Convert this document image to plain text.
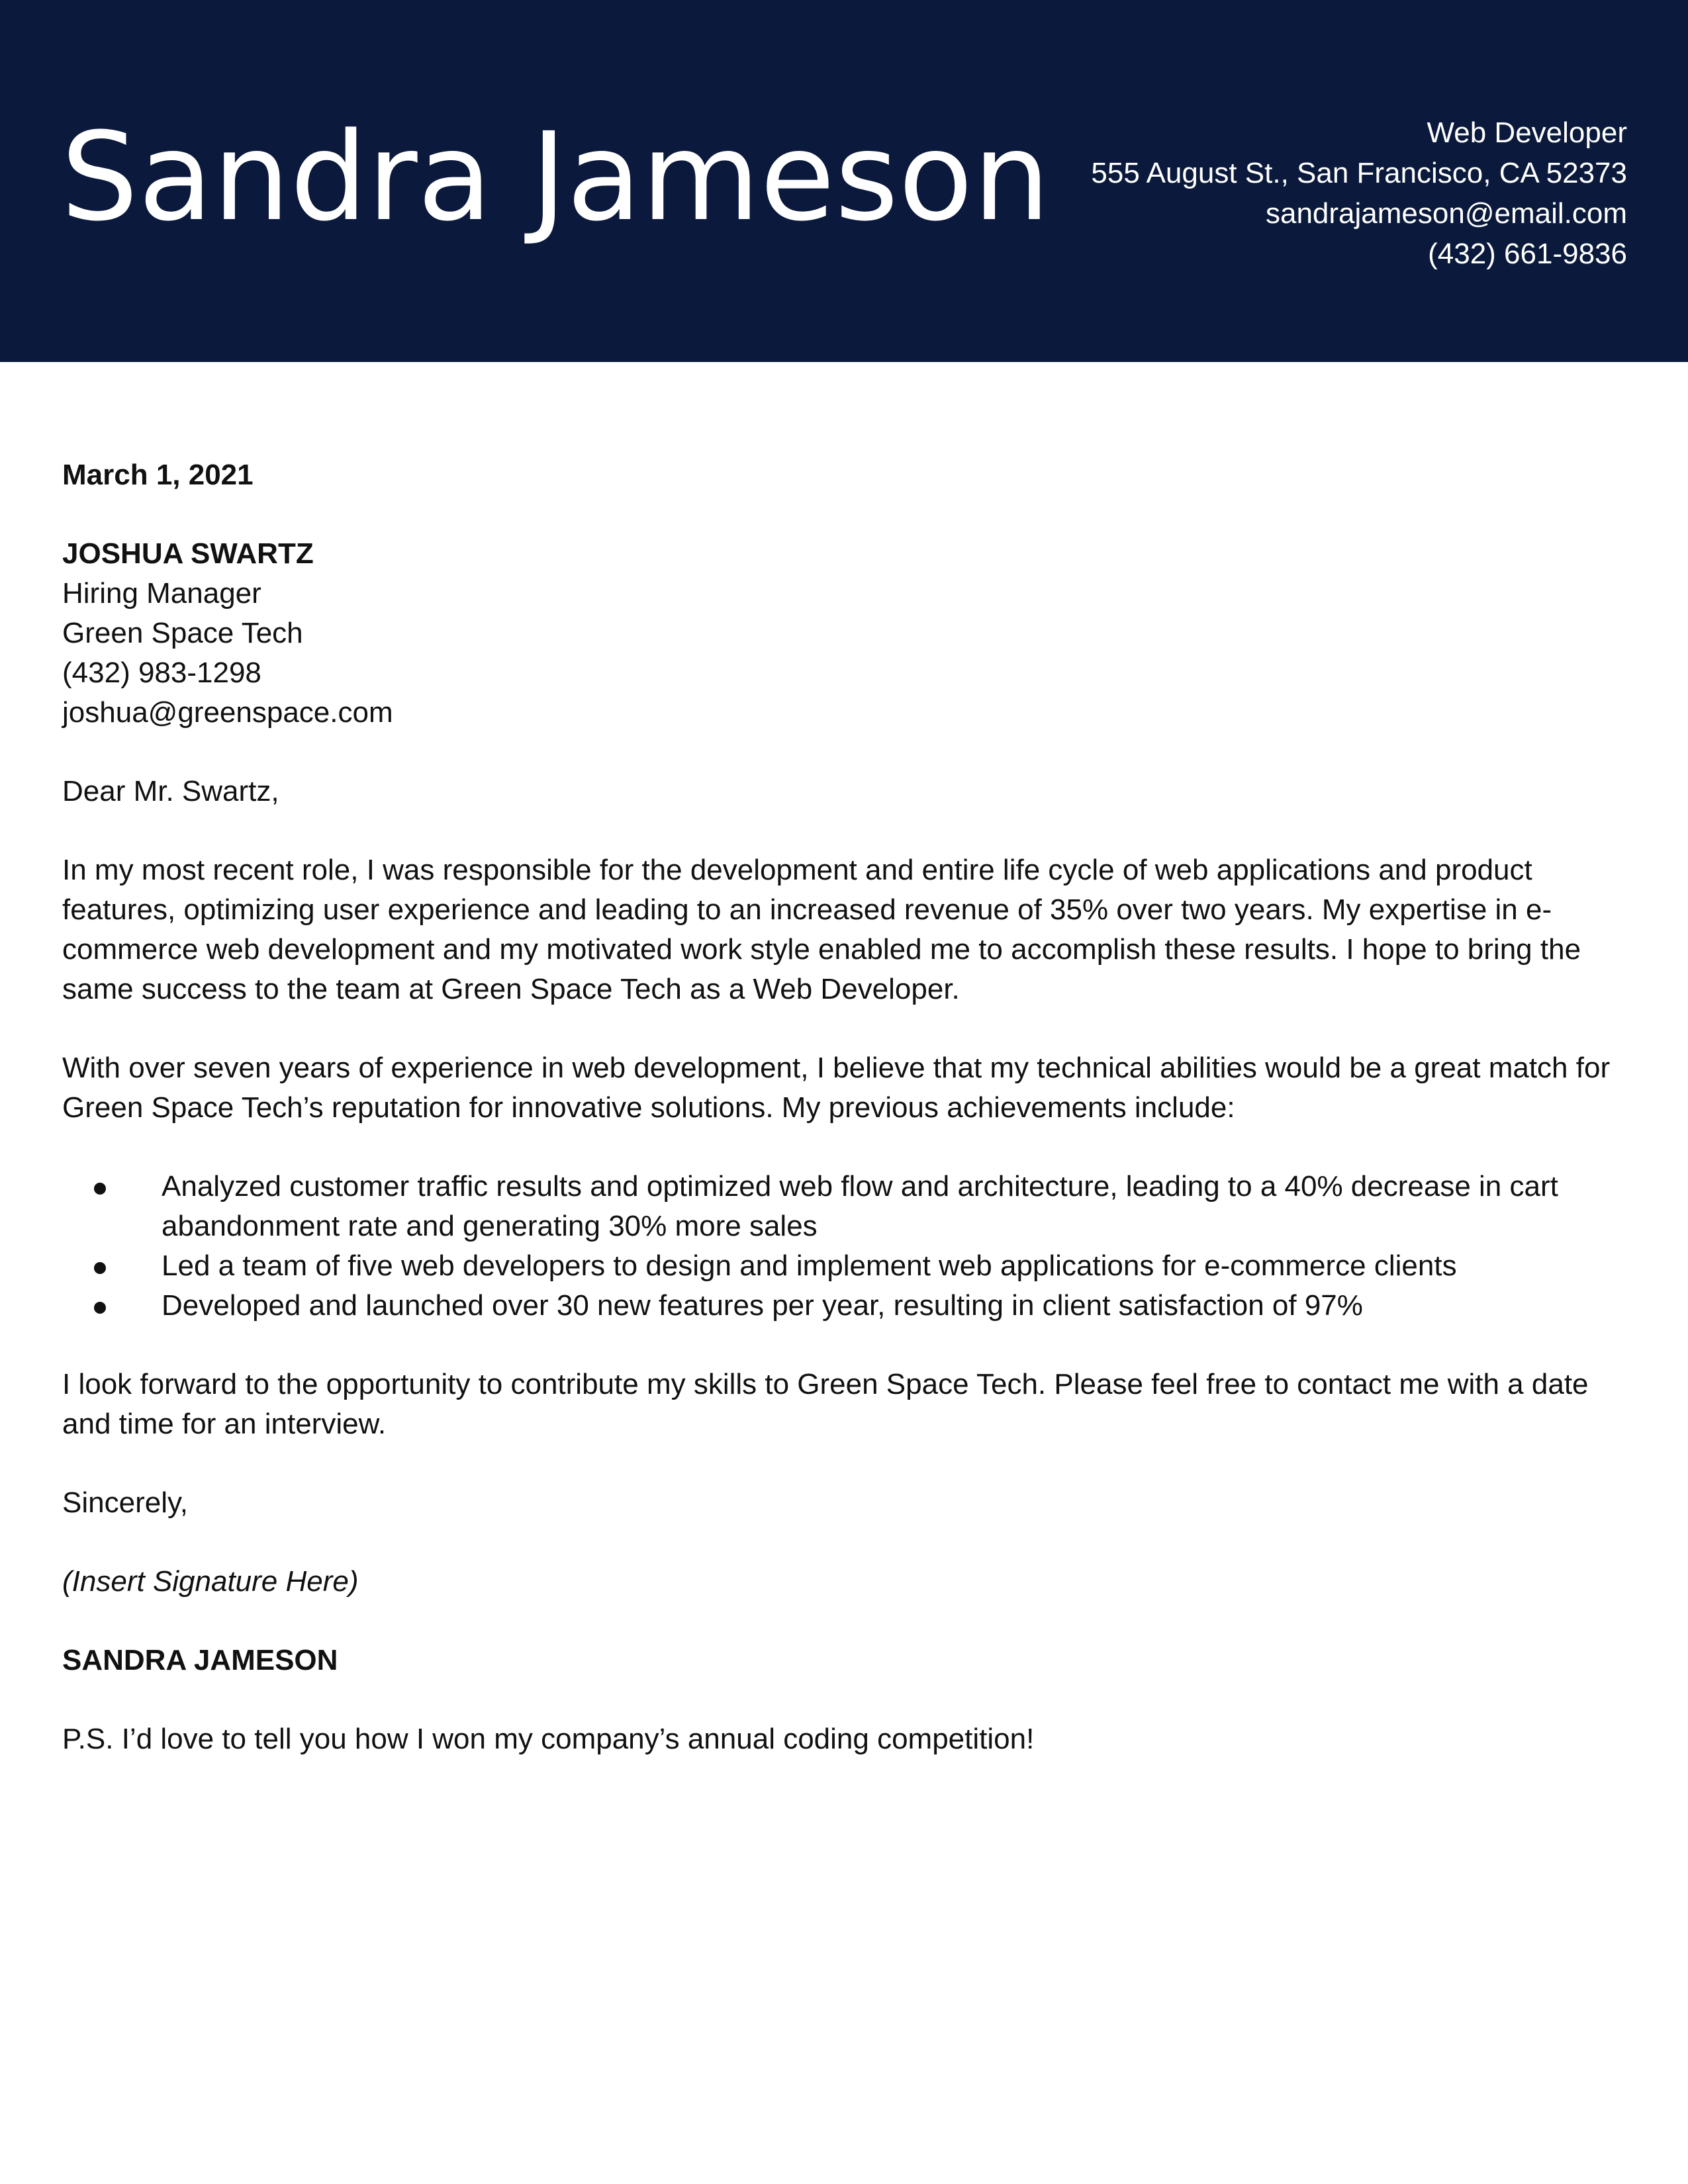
Sandra Jameson	Web Developer
555 August St., San Francisco, CA 52373
sandrajameson@email.com
(432) 661-9836

March 1, 2021

JOSHUA SWARTZ

Hiring Manager

Green Space Tech

(432) 983-1298

joshua@greenspace.com

Dear Mr. Swartz,

In my most recent role, I was responsible for the development and entire life cycle of web applications and product features, optimizing user experience and leading to an increased revenue of 35% over two years. My expertise in e-commerce web development and my motivated work style enabled me to accomplish these results. I hope to bring the same success to the team at Green Space Tech as a Web Developer.

With over seven years of experience in web development, I believe that my technical abilities would be a great match for Green Space Tech’s reputation for innovative solutions. My previous achievements include:

Analyzed customer traffic results and optimized web flow and architecture, leading to a 40% decrease in cart abandonment rate and generating 30% more sales
Led a team of five web developers to design and implement web applications for e-commerce clients
Developed and launched over 30 new features per year, resulting in client satisfaction of 97%

I look forward to the opportunity to contribute my skills to Green Space Tech. Please feel free to contact me with a date and time for an interview.

Sincerely,

(Insert Signature Here)

SANDRA JAMESON

P.S. I’d love to tell you how I won my company’s annual coding competition!
